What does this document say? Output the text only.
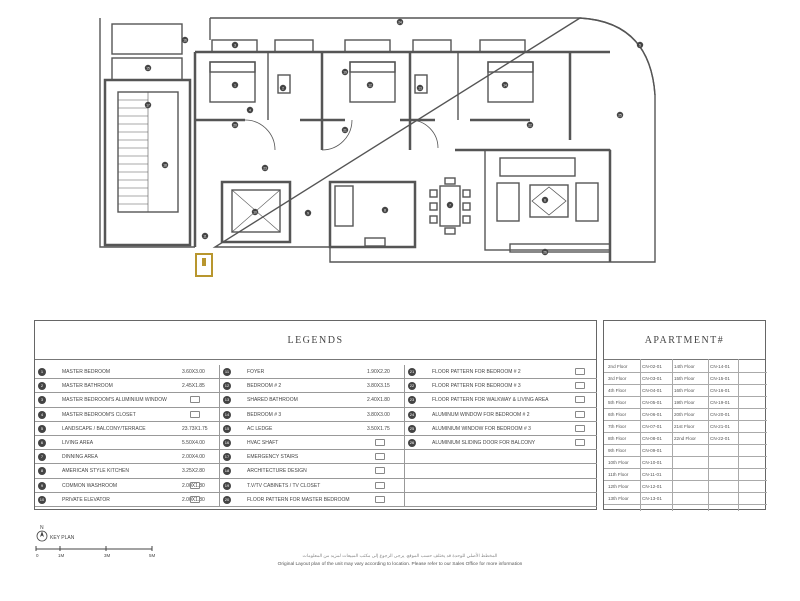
1
2
3
4
5
6
7
8
9
10
11
12
13
14
15
16
17
18
19
20
21
22
23
24
25
26
LEGENDS
1	MASTER BEDROOM	3.60X3.00
2	MASTER BATHROOM	2.45X1.85
3	MASTER BEDROOM'S ALUMINIUM WINDOW
4	MASTER BEDROOM'S CLOSET
5	LANDSCAPE / BALCONY/TERRACE	23.73X1.75
6	LIVING AREA	5.50X4.00
7	DINNING AREA	2.00X4.00
8	AMERICAN STYLE KITCHEN	3.25X2.80
9	COMMON WASHROOM	2.00X1.80
10	PRIVATE ELEVATOR	2.00X1.80
11	FOYER	1.90X2.20
12	BEDROOM # 2	3.80X3.15
13	SHARED BATHROOM	2.40X1.80
14	BEDROOM # 3	3.80X3.00
15	AC LEDGE	3.50X1.75
16	HVAC SHAFT
17	EMERGENCY STAIRS
18	ARCHITECTURE DESIGN
19	T.V/TV CABINETS / TV CLOSET
20	FLOOR PATTERN FOR MASTER BEDROOM
21	FLOOR PATTERN FOR BEDROOM # 2
22	FLOOR PATTERN FOR BEDROOM # 3
23	FLOOR PATTERN FOR WALKWAY & LIVING AREA
24	ALUMINUM WINDOW FOR BEDROOM # 2
25	ALUMINIUM WINDOW FOR BEDROOM # 3
26	ALUMINIUM SLIDING DOOR FOR BALCONY
APARTMENT#
2nd Floor	CN-02-01	14th Floor	CN-14-01
3rd Floor	CN-03-01	15th Floor	CN-15-01
4th Floor	CN-04-01	16th Floor	CN-16-01
5th Floor	CN-05-01	19th Floor	CN-19-01
6th Floor	CN-06-01	20th Floor	CN-20-01
7th Floor	CN-07-01	21st Floor	CN-21-01
8th Floor	CN-08-01	22nd Floor	CN-22-01
9th Floor	CN-09-01
10th Floor	CN-10-01
11th Floor	CN-11-01
12th Floor	CN-12-01
13th Floor	CN-13-01
N
KEY PLAN
0	1M	3M	5M	المخطط الأصلي للوحدة قد يختلف حسب الموقع. يرجى الرجوع إلى مكتب المبيعات لمزيد من المعلومات
Original Layout plan of the unit may vary according to location. Please refer to our Sales Office for more information
